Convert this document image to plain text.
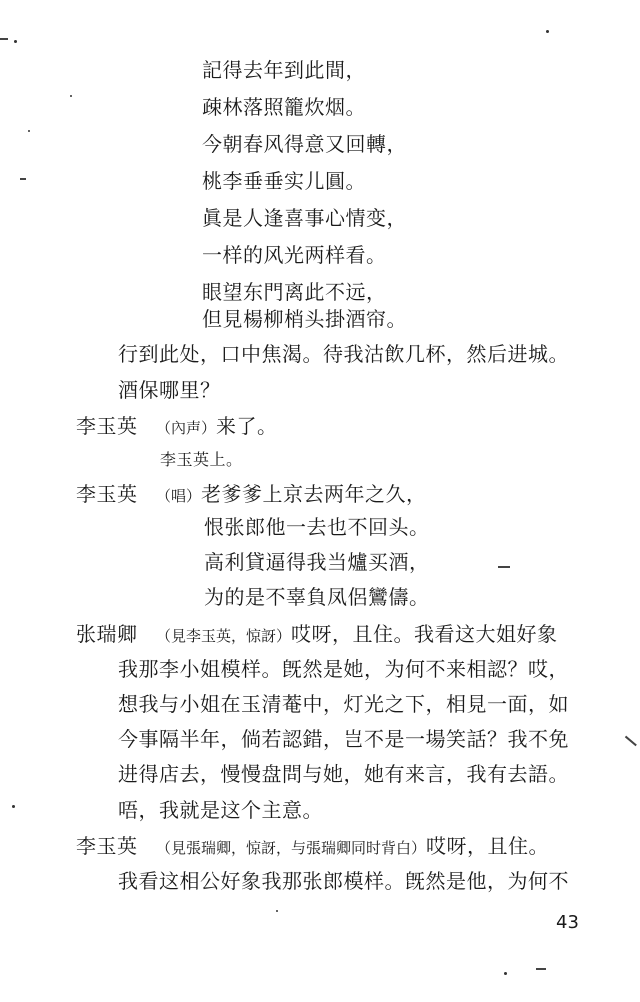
記得去年到此間，
疎林落照籠炊烟。
今朝春风得意又回轉，
桃李垂垂实儿圓。
眞是人逢喜事心情变，
一样的风光两样看。
眼望东門离此不远，
但見楊柳梢头掛酒帘。
行到此处，口中焦渴。待我沽飲几杯，然后进城。
酒保哪里？
李玉英 （內声）来了。
李玉英上。
李玉英 （唱）老爹爹上京去两年之久，
恨张郎他一去也不回头。
高利貸逼得我当爐买酒，
为的是不辜負凤侶鸞儔。
张瑞卿 （見李玉英，惊訝）哎呀，且住。我看这大姐好象
我那李小姐模样。旣然是她，为何不来相認？哎，
想我与小姐在玉清菴中，灯光之下，相見一面，如
今事隔半年，倘若認錯，岂不是一場笑話？我不免
进得店去，慢慢盘問与她，她有来言，我有去語。
唔，我就是这个主意。
李玉英 （見張瑞卿，惊訝，与張瑞卿同时背白）哎呀，且住。
我看这相公好象我那张郎模样。旣然是他，为何不
43
